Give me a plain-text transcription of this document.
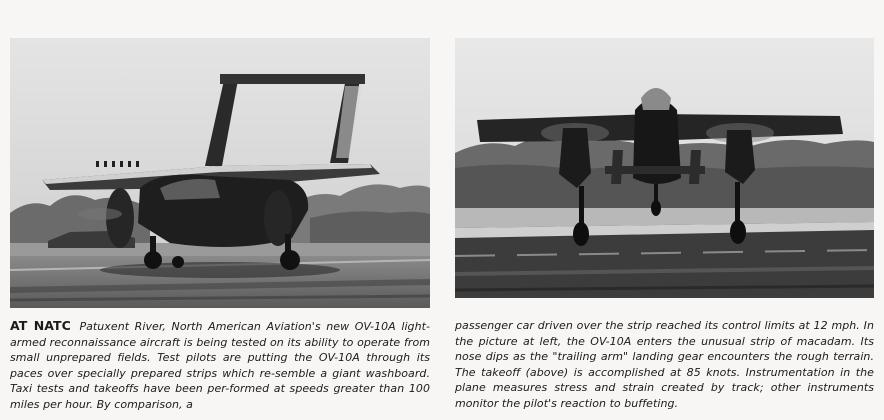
AT NATC Patuxent River, North American Aviation's new OV-10A light-armed reconnaissance aircraft is being tested on its ability to operate from small unprepared fields. Test pilots are putting the OV-10A through its paces over specially prepared strips which re-semble a giant washboard. Taxi tests and takeoffs have been per-formed at speeds greater than 100 miles per hour. By comparison, a
passenger car driven over the strip reached its control limits at 12 mph. In the picture at left, the OV-10A enters the unusual strip of macadam. Its nose dips as the "trailing arm" landing gear encounters the rough terrain. The takeoff (above) is accomplished at 85 knots. Instrumentation in the plane measures stress and strain created by track; other instruments monitor the pilot's reaction to buffeting.
